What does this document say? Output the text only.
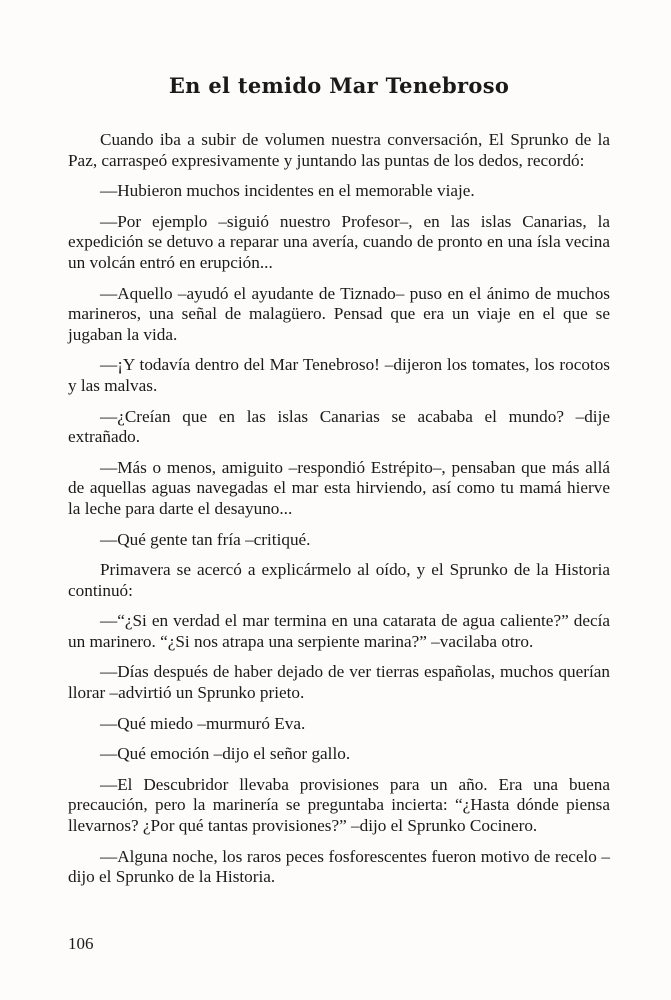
En el temido Mar Tenebroso

Cuando iba a subir de volumen nuestra conversación, El Sprunko de la Paz, carraspeó expresivamente y juntando las puntas de los dedos, recordó:

—Hubieron muchos incidentes en el memorable viaje.

—Por ejemplo –siguió nuestro Profesor–, en las islas Canarias, la expedición se detuvo a reparar una avería, cuando de pronto en una ísla vecina un volcán entró en erupción...

—Aquello –ayudó el ayudante de Tiznado– puso en el ánimo de muchos marineros, una señal de malagüero. Pensad que era un viaje en el que se jugaban la vida.

—¡Y todavía dentro del Mar Tenebroso! –dijeron los tomates, los rocotos y las malvas.

—¿Creían que en las islas Canarias se acababa el mundo? –dije extrañado.

—Más o menos, amiguito –respondió Estrépito–, pensaban que más allá de aquellas aguas navegadas el mar esta hirviendo, así como tu mamá hierve la leche para darte el desayuno...

—Qué gente tan fría –critiqué.

Primavera se acercó a explicármelo al oído, y el Sprunko de la Historia continuó:

—“¿Si en verdad el mar termina en una catarata de agua caliente?” decía un marinero. “¿Si nos atrapa una serpiente marina?” –vacilaba otro.

—Días después de haber dejado de ver tierras españolas, muchos querían llorar –advirtió un Sprunko prieto.

—Qué miedo –murmuró Eva.

—Qué emoción –dijo el señor gallo.

—El Descubridor llevaba provisiones para un año. Era una buena precaución, pero la marinería se preguntaba incierta: “¿Hasta dónde piensa llevarnos? ¿Por qué tantas provisiones?” –dijo el Sprunko Cocinero.

—Alguna noche, los raros peces fosforescentes fueron motivo de recelo –dijo el Sprunko de la Historia.

106
